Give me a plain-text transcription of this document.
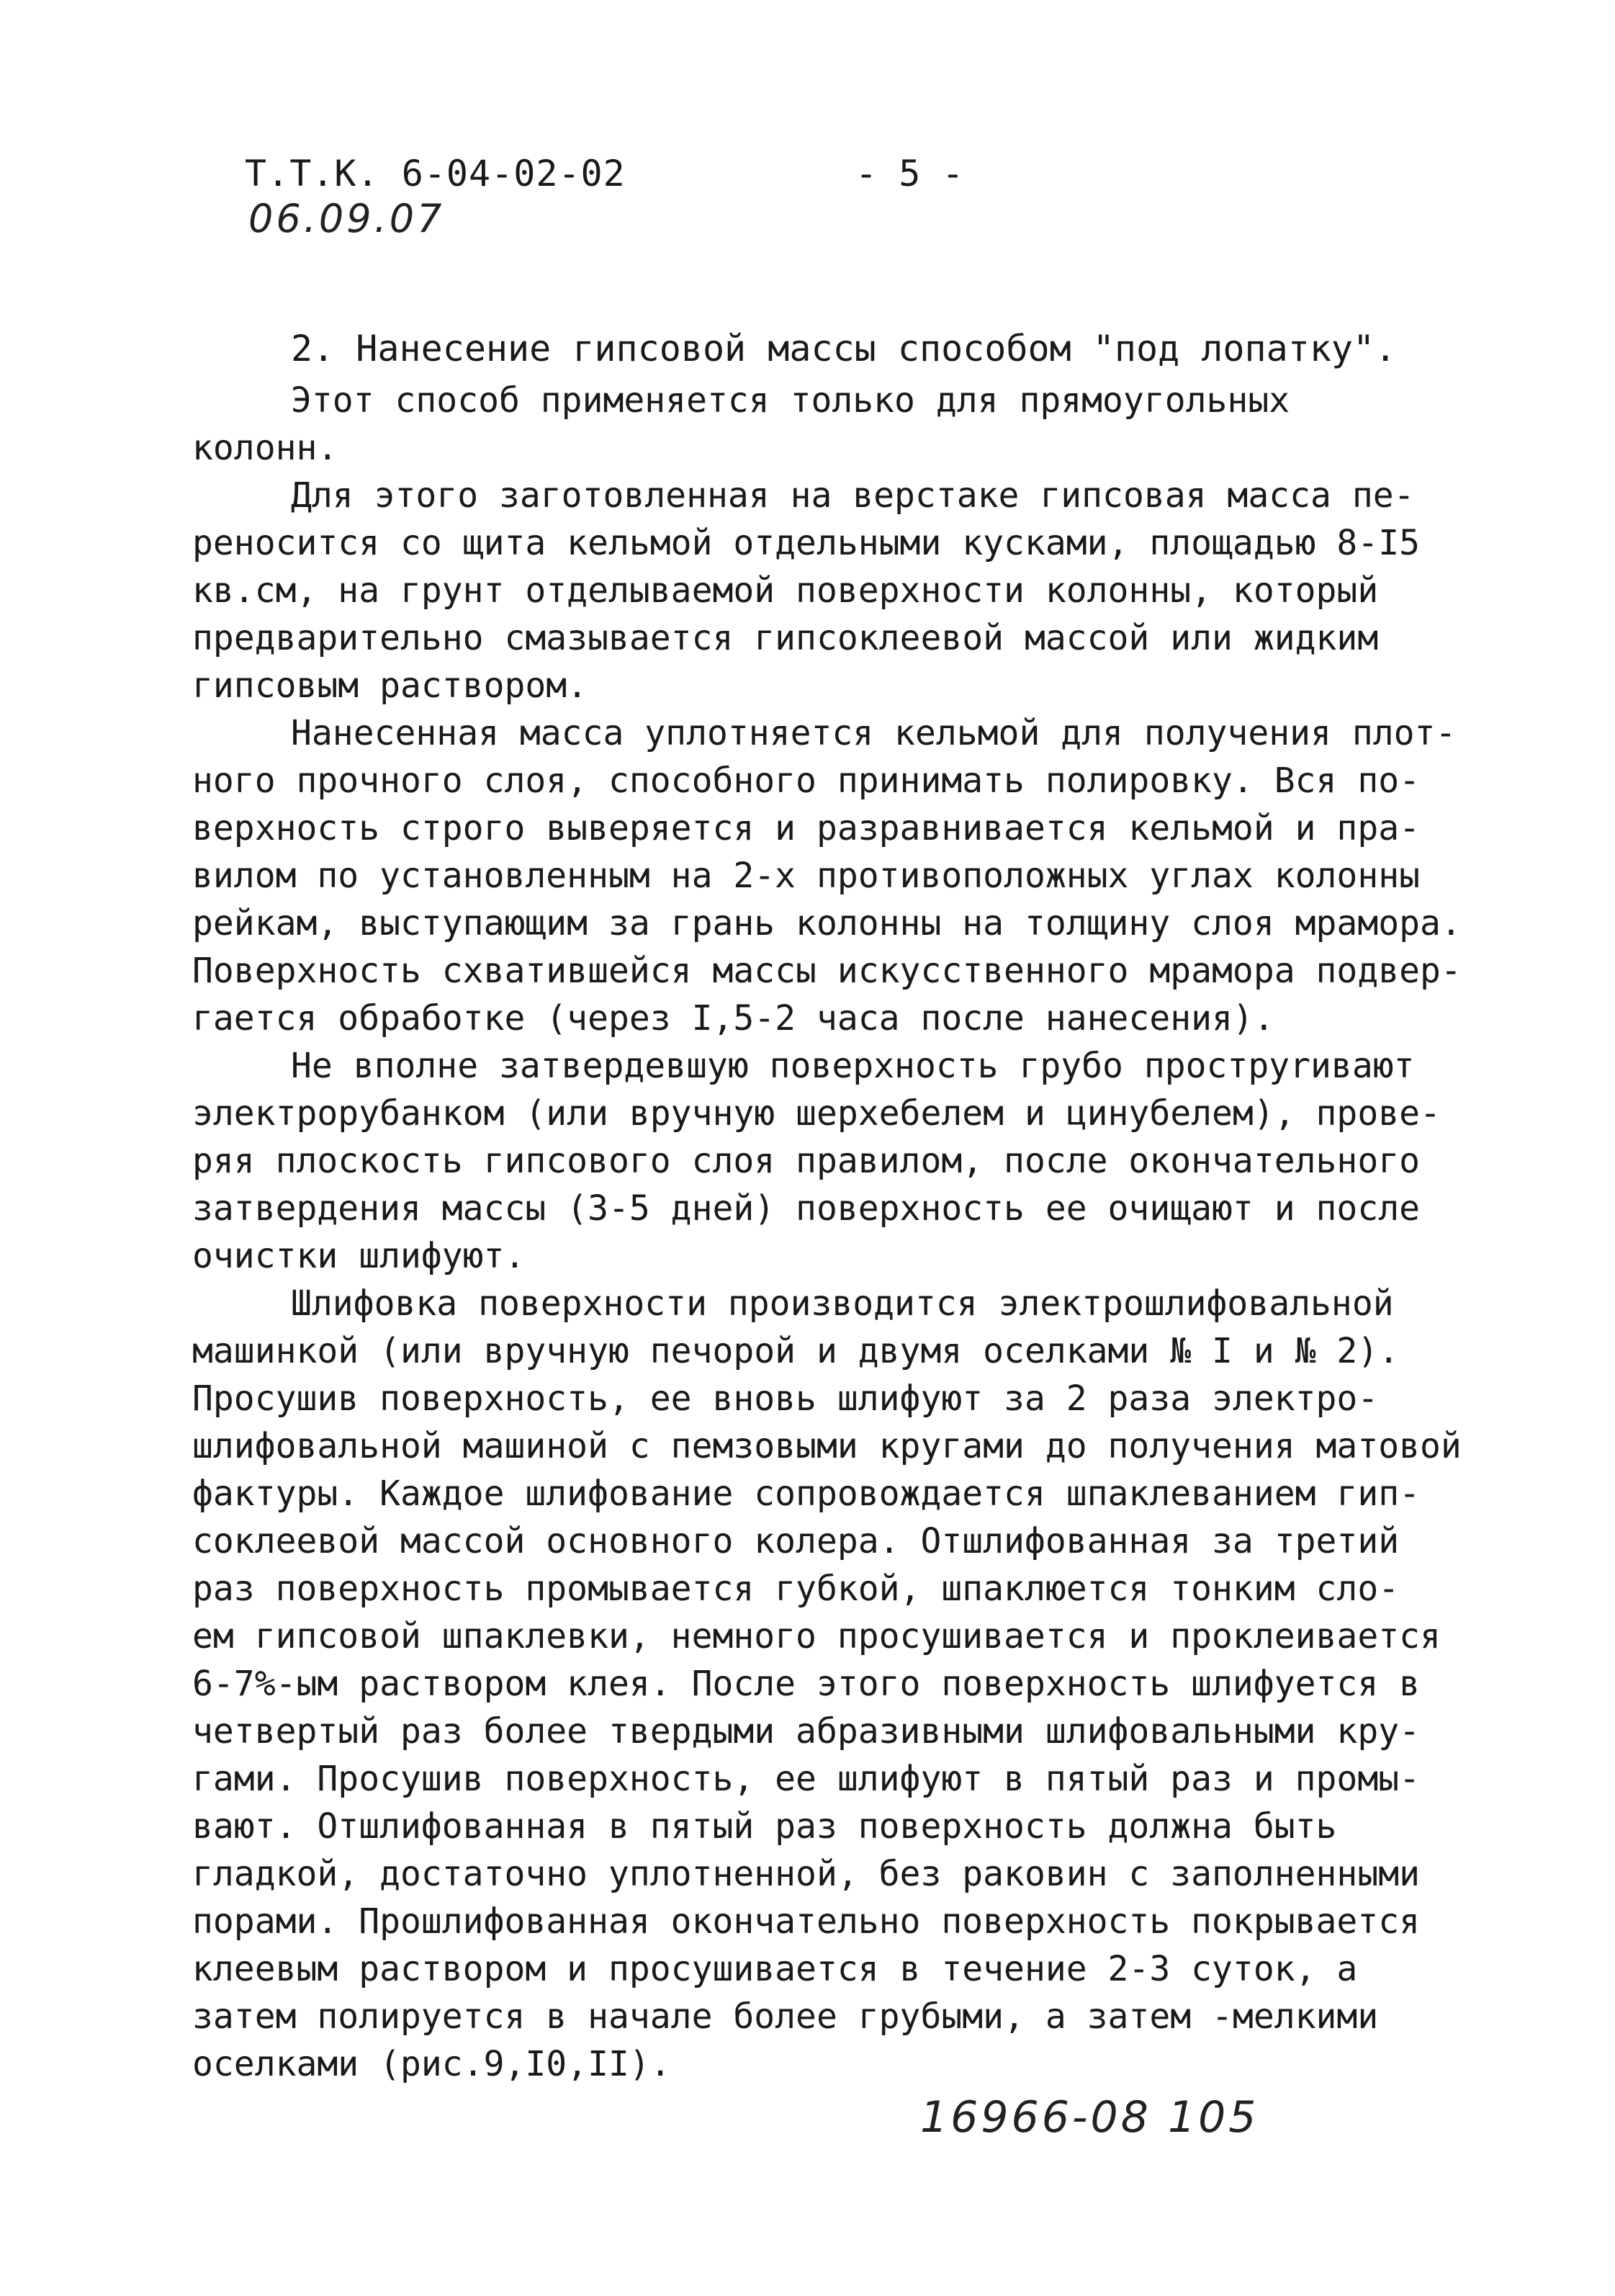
Т.Т.К. 6-04-02-02	- 5 -
06.09.07
2. Нанесение гипсовой массы способом "под лопатку".
Этот способ применяется только для прямоугольных
колонн.
Для этого заготовленная на верстаке гипсовая масса пе-
реносится со щита кельмой отдельными кусками, площадью 8-I5
кв.см, на грунт отделываемой поверхности колонны, который
предварительно смазывается гипсоклеевой массой или жидким
гипсовым раствором.
Нанесенная масса уплотняется кельмой для получения плот-
ного прочного слоя, способного принимать полировку. Вся по-
верхность строго выверяется и разравнивается кельмой и пра-
вилом по установленным на 2-х противоположных углах колонны
рейкам, выступающим за грань колонны на толщину слоя мрамора.
Поверхность схватившейся массы искусственного мрамора подвер-
гается обработке (через I,5-2 часа после нанесения).
Не вполне затвердевшую поверхность грубо проструrивают
электрорубанком (или вручную шерхебелем и цинубелем), прове-
ряя плоскость гипсового слоя правилом, после окончательного
затвердения массы (3-5 дней) поверхность ее очищают и после
очистки шлифуют.
Шлифовка поверхности производится электрошлифовальной
машинкой (или вручную печорой и двумя оселками № I и № 2).
Просушив поверхность, ее вновь шлифуют за 2 раза электро-
шлифовальной машиной с пемзовыми кругами до получения матовой
фактуры. Каждое шлифование сопровождается шпаклеванием гип-
соклеевой массой основного колера. Отшлифованная за третий
раз поверхность промывается губкой, шпаклюется тонким сло-
ем гипсовой шпаклевки, немного просушивается и проклеивается
6-7%-ым раствором клея. После этого поверхность шлифуется в
четвертый раз более твердыми абразивными шлифовальными кру-
гами. Просушив поверхность, ее шлифуют в пятый раз и промы-
вают. Отшлифованная в пятый раз поверхность должна быть
гладкой, достаточно уплотненной, без раковин с заполненными
порами. Прошлифованная окончательно поверхность покрывается
клеевым раствором и просушивается в течение 2-3 суток, а
затем полируется в начале более грубыми, а затем -мелкими
оселками (рис.9,I0,II).
16966-08 105
